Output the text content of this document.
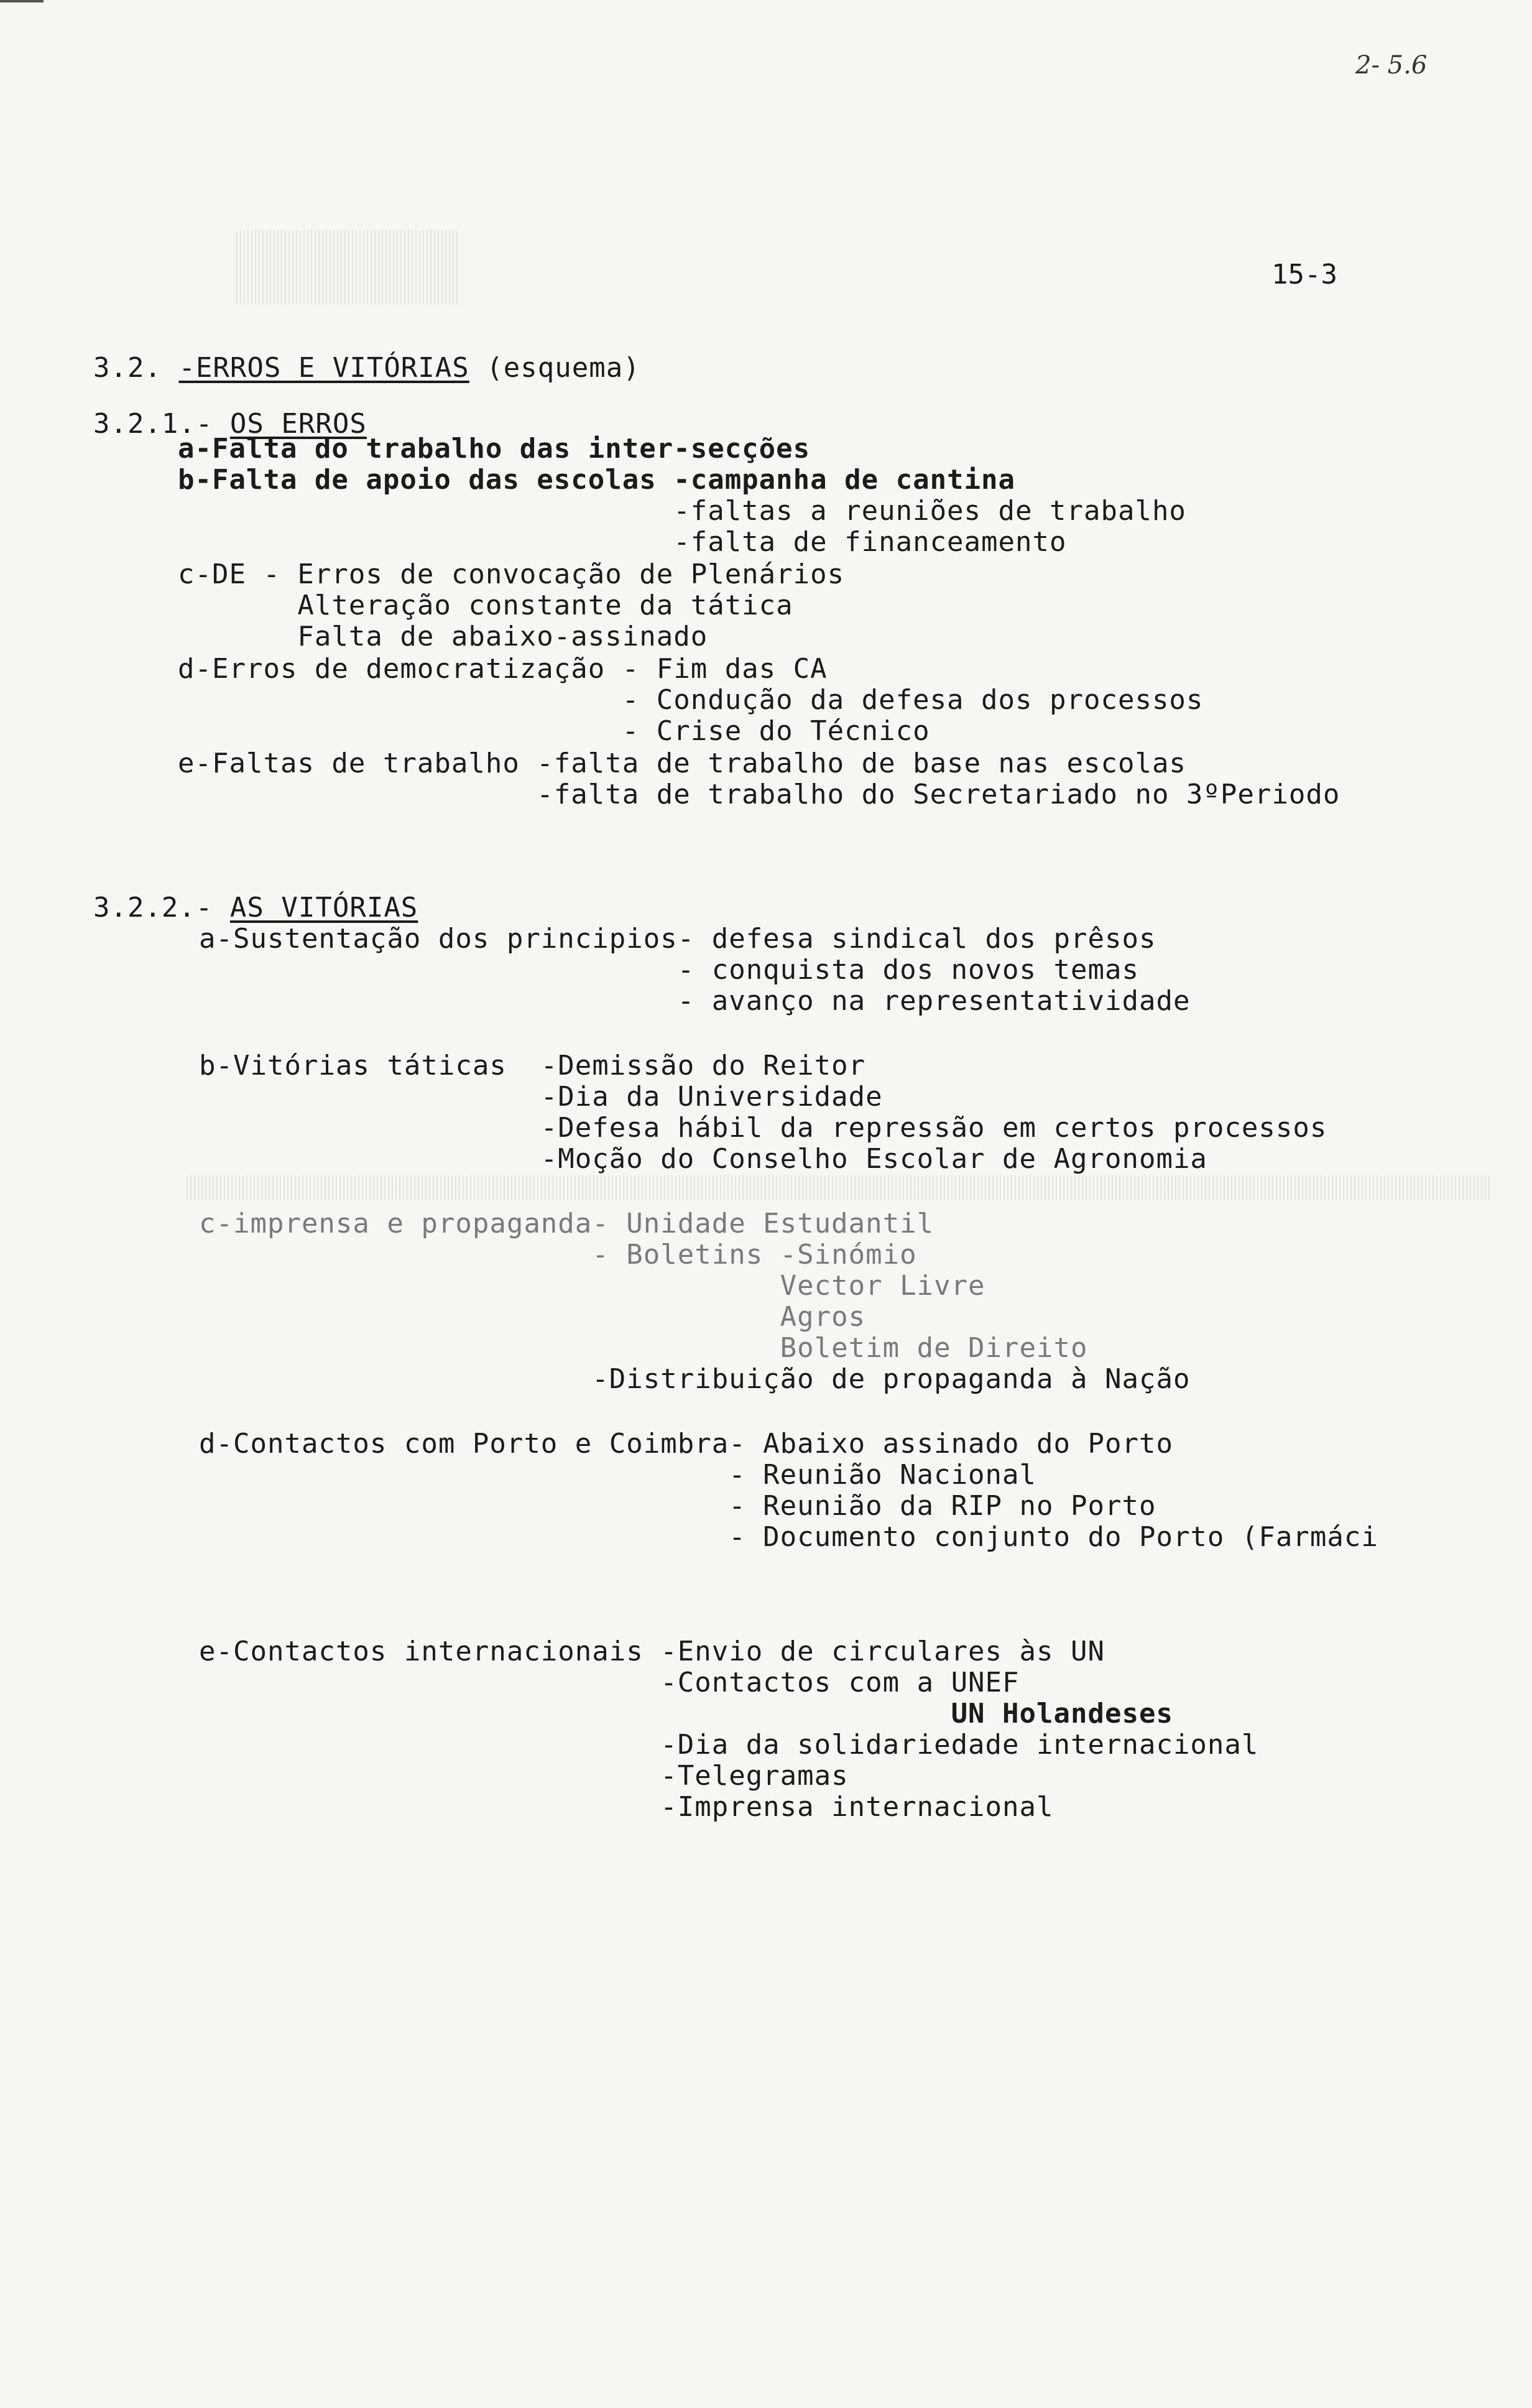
2- 5.6
15-3

3.2. -ERROS E VITÓRIAS (esquema)

3.2.1.- OS ERROS

a-Falta do trabalho das inter-secções
b-Falta de apoio das escolas -campanha de cantina
-faltas a reuniões de trabalho
-falta de financeamento
c-DE - Erros de convocação de Plenários
Alteração constante da tática
Falta de abaixo-assinado
d-Erros de democratização - Fim das CA
- Condução da defesa dos processos
- Crise do Técnico
e-Faltas de trabalho -falta de trabalho de base nas escolas
-falta de trabalho do Secretariado no 3ºPeriodo

3.2.2.- AS VITÓRIAS

a-Sustentação dos principios- defesa sindical dos prêsos
- conquista dos novos temas
- avanço na representatividade
b-Vitórias táticas  -Demissão do Reitor
-Dia da Universidade
-Defesa hábil da repressão em certos processos
-Moção do Conselho Escolar de Agronomia
c-imprensa e propaganda- Unidade Estudantil
- Boletins -Sinómio
Vector Livre
Agros
Boletim de Direito
-Distribuição de propaganda à Nação
d-Contactos com Porto e Coimbra- Abaixo assinado do Porto
- Reunião Nacional
- Reunião da RIP no Porto
- Documento conjunto do Porto (Farmáci
e-Contactos internacionais -Envio de circulares às UN
-Contactos com a UNEF
UN Holandeses
-Dia da solidariedade internacional
-Telegramas
-Imprensa internacional
